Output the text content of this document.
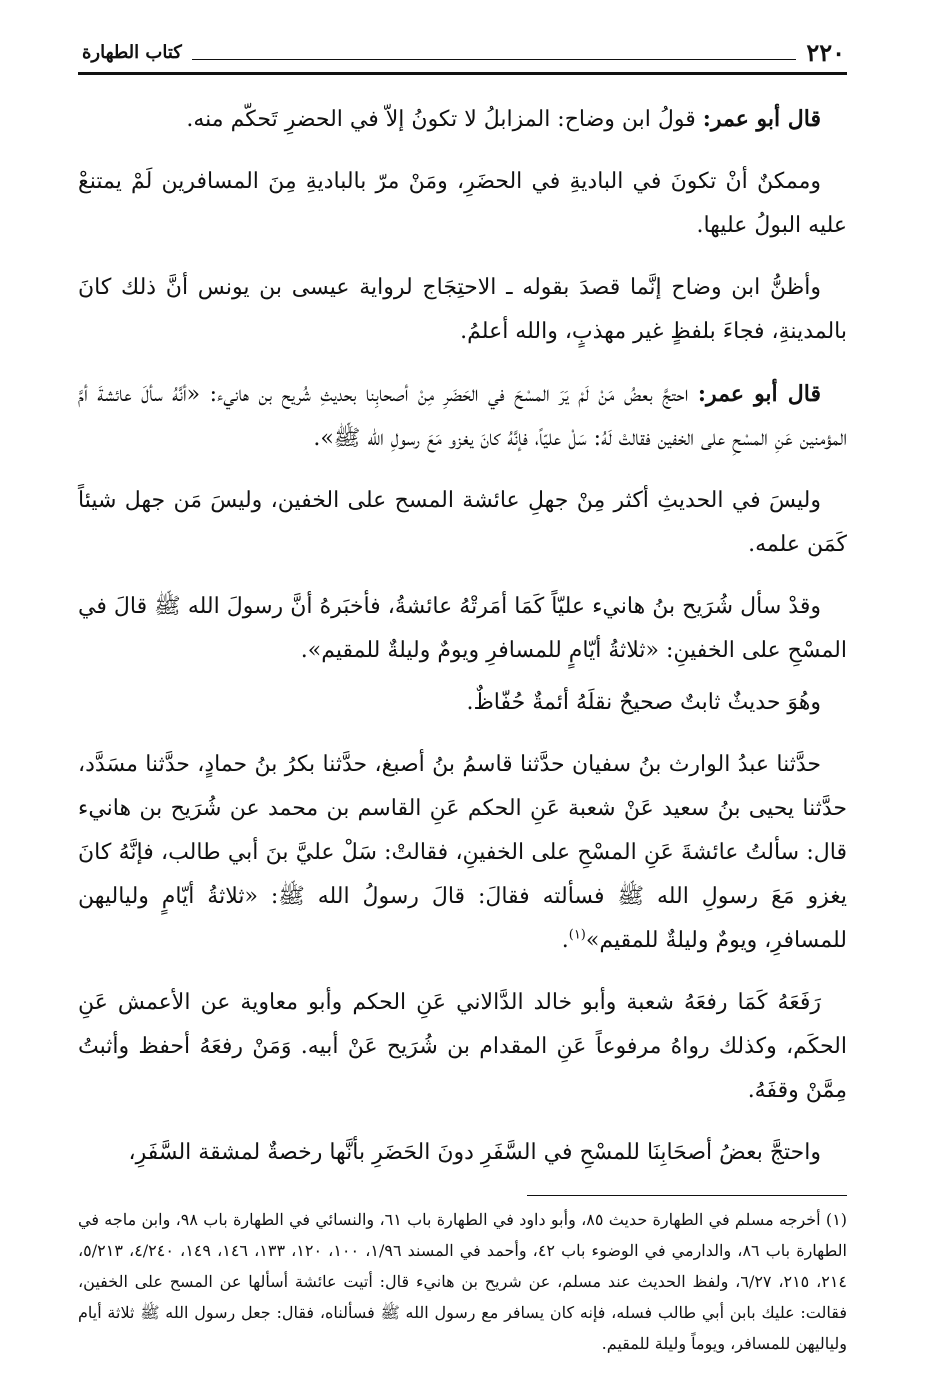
٢٢٠
كتاب الطهارة

قال أبو عمر: قولُ ابن وضاح: المزابلُ لا تكونُ إلاّ في الحضرِ تَحكّم منه.

وممكنٌ أنْ تكونَ في الباديةِ في الحضَرِ، ومَنْ مرّ بالباديةِ مِنَ المسافرين لَمْ يمتنعْ عليه البولُ عليها.

وأظنُّ ابن وضاح إنَّما قصدَ بقوله ـ الاحتِجَاج لرواية عيسى بن يونس أنَّ ذلك كانَ بالمدينةِ، فجاءَ بلفظٍ غير مهذبٍ، والله أعلمُ.

قال أبو عمر: احتجَّ بعضُ مَنْ لَمْ يَرَ المسْحَ في الحَضَرِ مِنْ أصحابِنا بحديثِ شُريح بن هانيء: «أنَّهُ سألَ عائشةَ أمَّ المؤمنين عَنِ المسْحِ على الخفين فقالتْ لَهُ: سَلْ عليّاً، فإنَّهُ كانَ يغزو مَعَ رسولِ الله ﷺ».

وليسَ في الحديثِ أكثر مِنْ جهلِ عائشة المسح على الخفين، وليسَ مَن جهل شيئاً كَمَن علمه.

وقدْ سأل شُرَيح بنُ هانيء عليّاً كَمَا أمَرتْهُ عائشةُ، فأخبَرهُ أنَّ رسولَ الله ﷺ قالَ في المسْحِ على الخفينِ: «ثلاثةُ أيّامٍ للمسافرِ ويومٌ وليلةٌ للمقيم».

وهُوَ حديثٌ ثابتٌ صحيحٌ نقلَهُ أئمةٌ حُفّاظٌ.

حدَّثنا عبدُ الوارث بنُ سفيان حدَّثنا قاسمُ بنُ أصبغ، حدَّثنا بكرُ بنُ حمادٍ، حدَّثنا مسَدَّد، حدَّثنا يحيى بنُ سعيد عَنْ شعبة عَنِ الحكم عَنِ القاسم بن محمد عن شُرَيح بن هانيء قال: سألتُ عائشةَ عَنِ المسْحِ على الخفينِ، فقالتْ: سَلْ عليَّ بنَ أبي طالب، فإنَّهُ كانَ يغزو مَعَ رسولِ الله ﷺ فسألته فقالَ: قالَ رسولُ الله ﷺ: «ثلاثةُ أيّامٍ ولياليهن للمسافرِ، ويومٌ وليلةٌ للمقيم»$^{(١)}$.

رَفَعَهُ كَمَا رفعَهُ شعبة وأبو خالد الدَّالاني عَنِ الحكم وأبو معاوية عن الأعمش عَنِ الحكَم، وكذلك رواهُ مرفوعاً عَنِ المقدام بن شُرَيح عَنْ أبيه. وَمَنْ رفعَهُ أحفظ وأثبتُ مِمَّنْ وقفَهُ.

واحتجَّ بعضُ أصحَابِنَا للمسْحِ في السَّفَرِ دونَ الحَضَرِ بأنَّها رخصةٌ لمشقة السَّفَرِ،

(١) أخرجه مسلم في الطهارة حديث ٨٥، وأبو داود في الطهارة باب ٦١، والنسائي في الطهارة باب ٩٨، وابن ماجه في الطهارة باب ٨٦، والدارمي في الوضوء باب ٤٢، وأحمد في المسند ١/٩٦، ١٠٠، ١٢٠، ١٣٣، ١٤٦، ١٤٩، ٤/٢٤٠، ٥/٢١٣، ٢١٤، ٢١٥، ٦/٢٧، ولفظ الحديث عند مسلم، عن شريح بن هانيء قال: أتيت عائشة أسألها عن المسح على الخفين، فقالت: عليك بابن أبي طالب فسله، فإنه كان يسافر مع رسول الله ﷺ فسألناه، فقال: جعل رسول الله ﷺ ثلاثة أيام ولياليهن للمسافر، ويوماً وليلة للمقيم.
